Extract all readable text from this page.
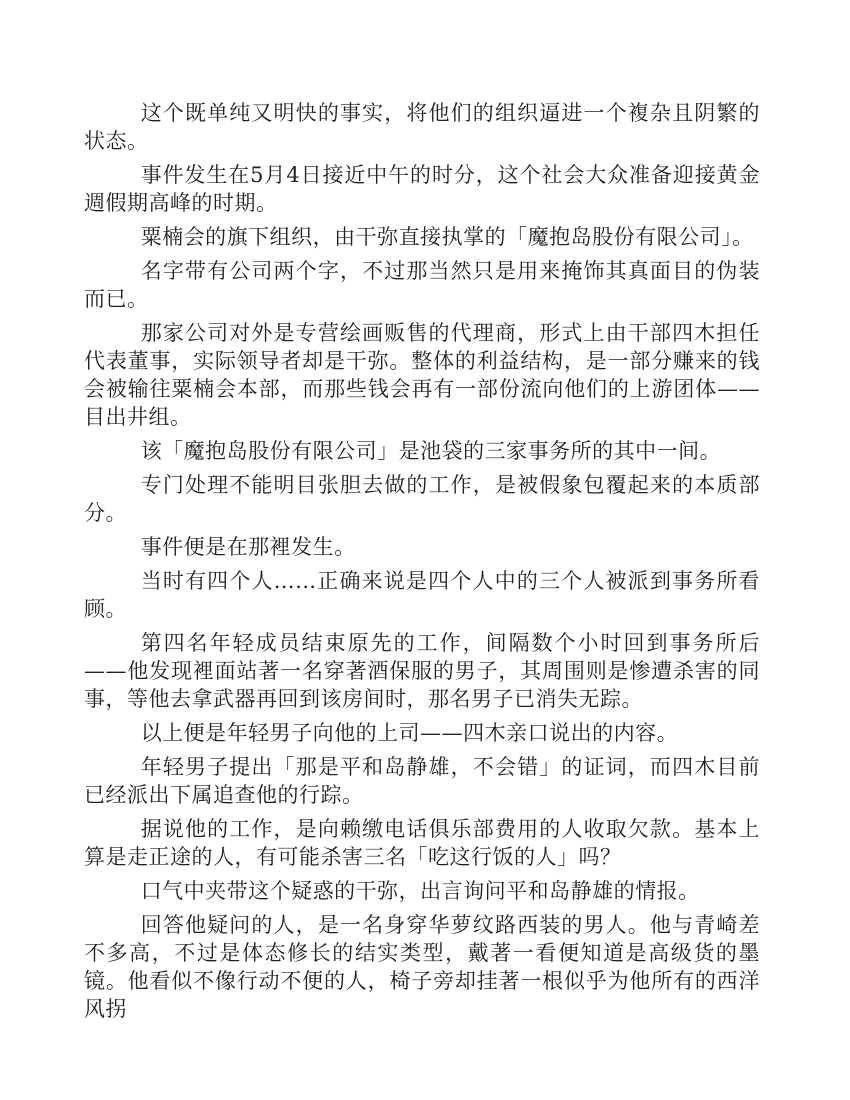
这个既单纯又明快的事实，将他们的组织逼进一个複杂且阴繁的状态。

事件发生在5月4日接近中午的时分，这个社会大众准备迎接黄金週假期高峰的时期。

粟楠会的旗下组织，由干弥直接执掌的「魔抱岛股份有限公司」。

名字带有公司两个字，不过那当然只是用来掩饰其真面目的伪装而已。

那家公司对外是专营绘画贩售的代理商，形式上由干部四木担任代表董事，实际领导者却是干弥。整体的利益结构，是一部分赚来的钱会被输往粟楠会本部，而那些钱会再有一部份流向他们的上游团体——目出井组。

该「魔抱岛股份有限公司」是池袋的三家事务所的其中一间。

专门处理不能明目张胆去做的工作，是被假象包覆起来的本质部分。

事件便是在那裡发生。

当时有四个人……正确来说是四个人中的三个人被派到事务所看顾。

第四名年轻成员结束原先的工作，间隔数个小时回到事务所后——他发现裡面站著一名穿著酒保服的男子，其周围则是惨遭杀害的同事，等他去拿武器再回到该房间时，那名男子已消失无踪。

以上便是年轻男子向他的上司——四木亲口说出的内容。

年轻男子提出「那是平和岛静雄，不会错」的证词，而四木目前已经派出下属追查他的行踪。

据说他的工作，是向赖缴电话俱乐部费用的人收取欠款。基本上算是走正途的人，有可能杀害三名「吃这行饭的人」吗？

口气中夹带这个疑惑的干弥，出言询问平和岛静雄的情报。

回答他疑问的人，是一名身穿华萝纹路西装的男人。他与青崎差不多高，不过是体态修长的结实类型，戴著一看便知道是高级货的墨镜。他看似不像行动不便的人，椅子旁却挂著一根似乎为他所有的西洋风拐
